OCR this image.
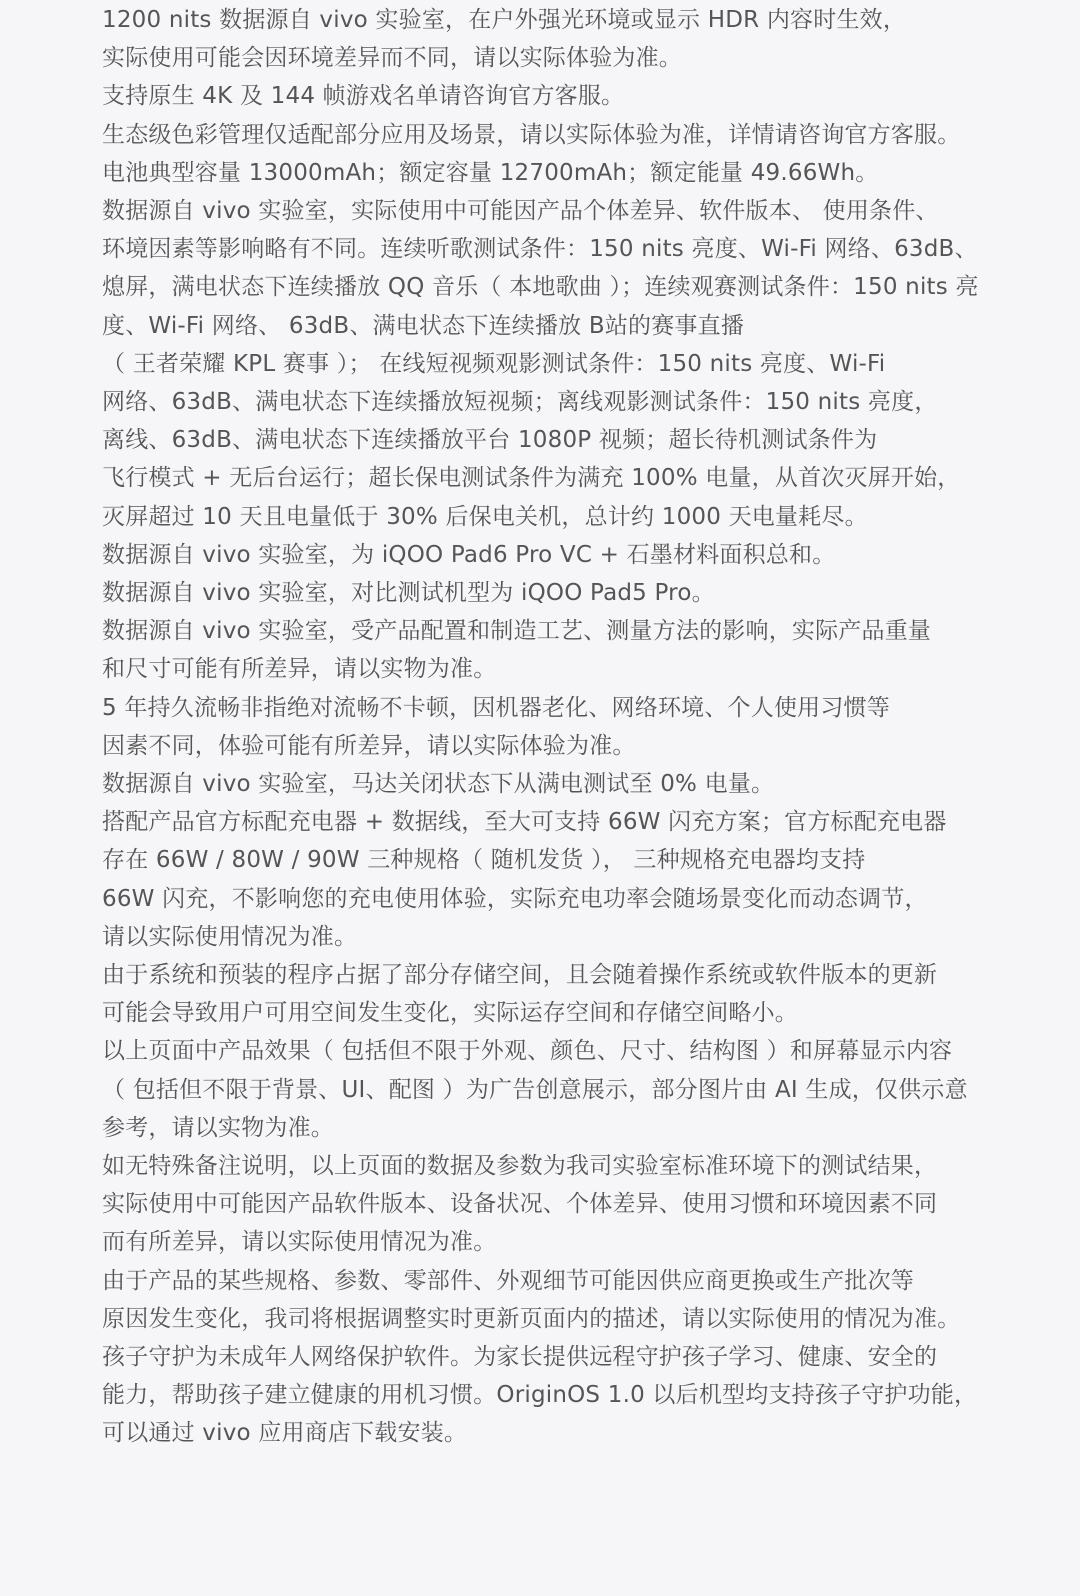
1200 nits 数据源自 vivo 实验室，在户外强光环境或显示 HDR 内容时生效，
实际使用可能会因环境差异而不同，请以实际体验为准。
支持原生 4K 及 144 帧游戏名单请咨询官方客服。
生态级色彩管理仅适配部分应用及场景，请以实际体验为准，详情请咨询官方客服。
电池典型容量 13000mAh；额定容量 12700mAh；额定能量 49.66Wh。
数据源自 vivo 实验室，实际使用中可能因产品个体差异、软件版本、 使用条件、
环境因素等影响略有不同。连续听歌测试条件：150 nits 亮度、Wi-Fi 网络、63dB、
熄屏，满电状态下连续播放 QQ 音乐（ 本地歌曲 ）；连续观赛测试条件：150 nits 亮
度、Wi-Fi 网络、 63dB、满电状态下连续播放 B站的赛事直播
（ 王者荣耀 KPL 赛事 ）； 在线短视频观影测试条件：150 nits 亮度、Wi-Fi
网络、63dB、满电状态下连续播放短视频；离线观影测试条件：150 nits 亮度，
离线、63dB、满电状态下连续播放平台 1080P 视频；超长待机测试条件为
飞行模式 + 无后台运行；超长保电测试条件为满充 100% 电量，从首次灭屏开始，
灭屏超过 10 天且电量低于 30% 后保电关机，总计约 1000 天电量耗尽。
数据源自 vivo 实验室，为 iQOO Pad6 Pro VC + 石墨材料面积总和。
数据源自 vivo 实验室，对比测试机型为 iQOO Pad5 Pro。
数据源自 vivo 实验室，受产品配置和制造工艺、测量方法的影响，实际产品重量
和尺寸可能有所差异，请以实物为准。
5 年持久流畅非指绝对流畅不卡顿，因机器老化、网络环境、个人使用习惯等
因素不同，体验可能有所差异，请以实际体验为准。
数据源自 vivo 实验室，马达关闭状态下从满电测试至 0% 电量。
搭配产品官方标配充电器 + 数据线，至大可支持 66W 闪充方案；官方标配充电器
存在 66W / 80W / 90W 三种规格（ 随机发货 ）， 三种规格充电器均支持
66W 闪充，不影响您的充电使用体验，实际充电功率会随场景变化而动态调节，
请以实际使用情况为准。
由于系统和预装的程序占据了部分存储空间，且会随着操作系统或软件版本的更新
可能会导致用户可用空间发生变化，实际运存空间和存储空间略小。
以上页面中产品效果（ 包括但不限于外观、颜色、尺寸、结构图 ）和屏幕显示内容
（ 包括但不限于背景、UI、配图 ）为广告创意展示，部分图片由 AI 生成，仅供示意
参考，请以实物为准。
如无特殊备注说明，以上页面的数据及参数为我司实验室标准环境下的测试结果，
实际使用中可能因产品软件版本、设备状况、个体差异、使用习惯和环境因素不同
而有所差异，请以实际使用情况为准。
由于产品的某些规格、参数、零部件、外观细节可能因供应商更换或生产批次等
原因发生变化，我司将根据调整实时更新页面内的描述，请以实际使用的情况为准。
孩子守护为未成年人网络保护软件。为家长提供远程守护孩子学习、健康、安全的
能力，帮助孩子建立健康的用机习惯。OriginOS 1.0 以后机型均支持孩子守护功能，
可以通过 vivo 应用商店下载安装。
